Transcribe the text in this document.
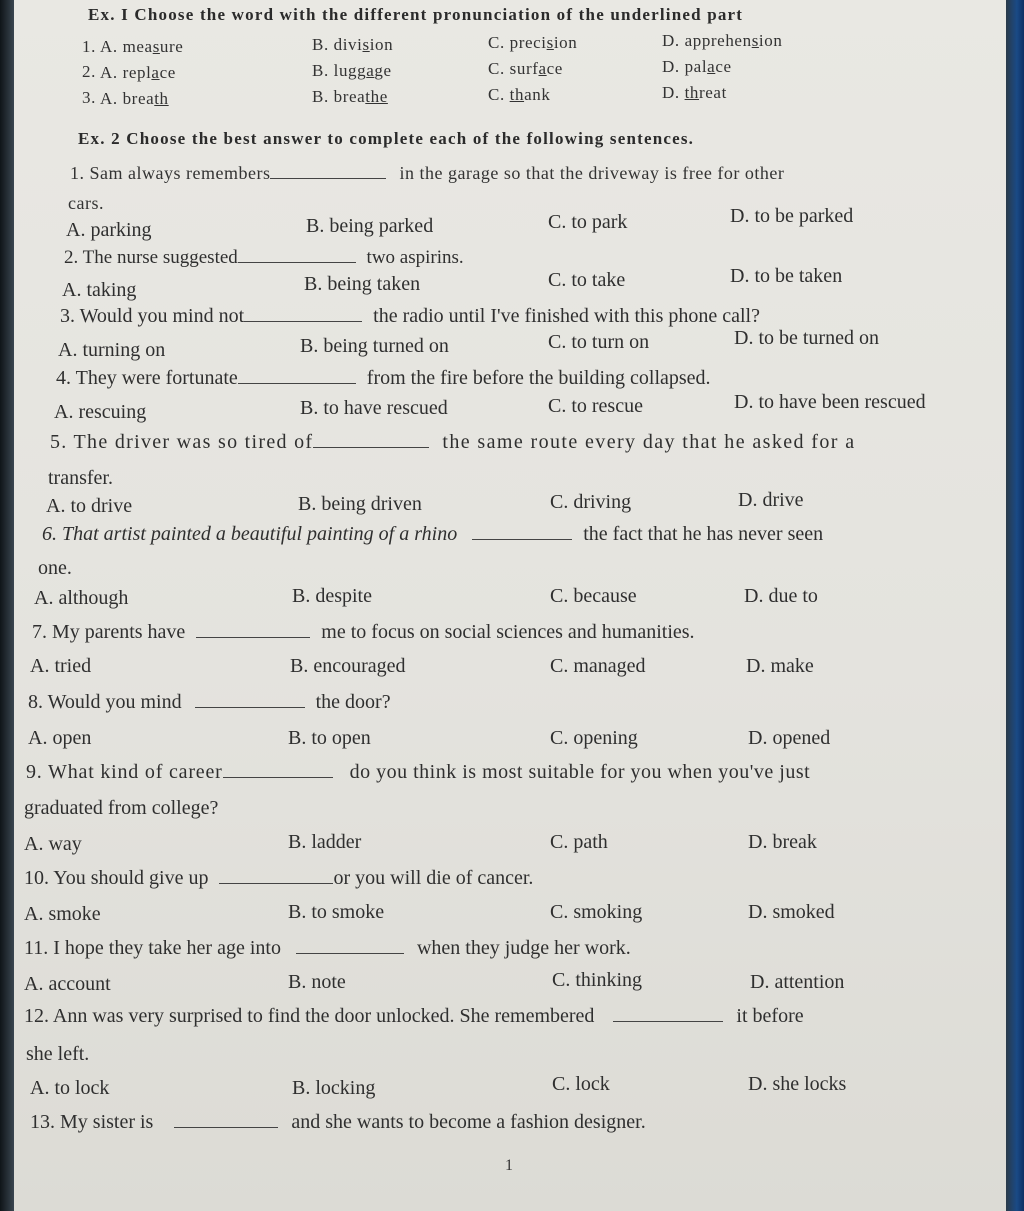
Ex. I Choose the word with the different pronunciation of the underlined part
1. A. measure	B. division	C. precision	D. apprehension
2. A. replace	B. luggage	C. surface	D. palace
3. A. breath	B. breathe	C. thank	D. threat
Ex. 2 Choose the best answer to complete each of the following sentences.
1. Sam always remembers	in the garage so that the driveway is free for other
cars.
A. parking	B. being parked	C. to park	D. to be parked
2. The nurse suggested	two aspirins.
A. taking	B. being taken	C. to take	D. to be taken
3. Would you mind not	the radio until I've finished with this phone call?
A. turning on	B. being turned on	C. to turn on	D. to be turned on
4. They were fortunate	from the fire before the building collapsed.
A. rescuing	B. to have rescued	C. to rescue	D. to have been rescued
5. The driver was so tired of	the same route every day that he asked for a
transfer.
A. to drive	B. being driven	C. driving	D. drive
6. That artist painted a beautiful painting of a rhino	the fact that he has never seen
one.
A. although	B. despite	C. because	D. due to
7. My parents have	me to focus on social sciences and humanities.
A. tried	B. encouraged	C. managed	D. make
8. Would you mind	the door?
A. open	B. to open	C. opening	D. opened
9. What kind of career	do you think is most suitable for you when you've just
graduated from college?
A. way	B. ladder	C. path	D. break
10. You should give up	or you will die of cancer.
A. smoke	B. to smoke	C. smoking	D. smoked
11. I hope they take her age into	when they judge her work.
A. account	B. note	C. thinking	D. attention
12. Ann was very surprised to find the door unlocked. She remembered	it before
she left.
A. to lock	B. locking	C. lock	D. she locks
13. My sister is	and she wants to become a fashion designer.
1
